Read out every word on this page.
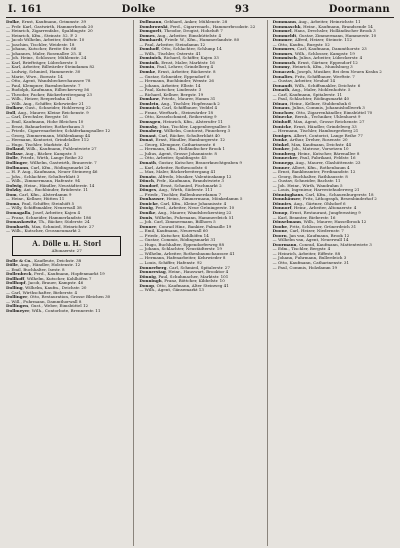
I. 161	Dolke	93	Doormann

Dolke, Ernst, Kaufmann, Grimmstr. 39

— Frdr. Karl, Gastwirth, Hammerbrook 20

— Heinrich, Zigarrenfabr., Spaldingstr. 20

— Heinrich, Kfm., Steinstr. 52. P. 2

— Jacob Wilhelm, Arbeiter, Stiftstr. 10

— Joachim, Tischler, Weidestr. 18

— Johann, Kutscher, Breite Str. 66

— Johannes, Maler, Rosenallee 25. II

— Joh. Heinr., Schlosser, Mühlenstr. 24

— Karl, Briefträger, Lübeckerstr. 5

— Karl, Arbeiter, Billwärder Steindamm 82

— Ludwig, Schmied, Hammerstr. 30

— Marie, Wwe., Bornstr. 14

— Otto, Agent, Wandsbeckerchaussee 78

— Paul, Klempner, Barmbeckerstr. 7

— Rudolph, Kaufmann, Eilbeckerweg 56

— Theodor, Packer, Bäckerbreitergang 23

— Wilh., Heizer, Reeperbahn 41

— Wilh. Aug., Schiffer, Kehrwieder 21

Dolkow, Gust., Schneider, Hohlerweg 22

Doll, Aug., Maurer, Kleine Reichenstr. 9

— Carl, Drechsler, Bergstr. 16

— Emil, Kaufmann, Hohe Bleichen 10

— Ernst, Bahnarbeiter, Rotherbaum 3

— Friedr., Cigarrenarbeiter, Schäferkampsallee 12

— Georg, Zimmermann, Mühlenkamp 44

— Hermann, Kontorist, Grindelallee 112

— Hugo, Tischler, Marktstr. 43

Dolland, Wilh., Kaufmann, Fuhlentwiete 27

Dollase, Aug., Bäcker, Kampstr. 5

Dolle, Friedr., Wirth, Lange Reihe 32

Dollinger, Wilhelm, Gastwirth, Brauerstr. 7

Dollmann, Carl, Kfm., Rödingsmarkt 24

— H. F. Aug., Kaufmann, Neuer Steinweg 46

— Johs., Schlachter, Schulterblatt 3

— Wilh., Zimmermann, Hafenstr. 94

Dolwig, Heinr., Händler, Neustädterstr. 14

Dolzky, Ant., Buchbinder, Brüderstr. 11

Dom, Carl, Kfm., Alsterdamm 9

— Heinr., Kellner, Hütten 11

Doma, Paul, Schiffer, Steinhöft 5

— Willy, Schiffsmakler, Neuerwall 38

Domagalla, Josef, Arbeiter, Kajen 4

— Franz, Schneider, Hammerlandstr. 186

Domaskowitz, Th., Bäcker, Süderstr. 24

Dombarth, Max, Schmied, Heinrichstr. 27

— Wilh., Kutscher, Grossneumarkt 2

A. Dölle u. H. Storl
Altonaerstr. 27

Dolle & Co., Kaufleute, Deichstr. 38

Dölle, Aug., Händler, Holstenstr. 12

— Emil, Buchhalter, Isestr. 8

Dollenbeck, Ferd., Kaufmann, Hopfenmarkt 19

Dollhoff, Wilhelm, Kutscher, Kohlhöfen 7

Dollhopf, Jacob, Brauer, Kampstr. 46

Dolling, Wilhelm, Kaufm., Deichstr. 20

— Carl, Wirthschafter, Bieberstr. 4

Dollinger, Otto, Restauration, Grosse Bleichen 30

— Will., Fuhrmann, Dammthorwall 8

Dollingen, Gust., Weber, Eimsbüttel 12

Dollmeyer, Wilh., Contorbote, Brennerstr. 11

Dollmann, Gebhard, Anker, Mühlenstr. 28

Dombrowski, Ferd., Cigarrenarb., Hammerbrookstr. 22

Domgoelt, Theodor, Drogist, Hoheluft 7

Domes, Aug., Arbeiter, Eimsbüttelstr. 4

Domhardt, Friedr. W., Kfm., Hammerlandstr. 80

— Paul, Arbeiter, Steindamm 12

Domhoff, Otto, Schlachter, Schlump 14

— Wilh., Tischler, Osterstr. 41

Dominick, Richard, Schiffer, Kajen 33

Dominik, Ernst, Maler, Marktstr. 16

Domin, Paul, Lehrer, Grindelberg 4

Domke, Ernst, Arbeiter, Bäckerstr. 8

— Gustav, Schneider, Eppendorf 6

— Hermann, Buchbinder, Wexstr. 26

— Johann, Arbeiter, Elbstr. 14

— Paul, Kutscher, Lindenstr. 3

— Richard, Kellner, Bergstr. 19

Domkow, Friedr., Maurer, Hamm 31

Domlein, Aug., Tischler, Hopfensack 2

Domnick, Carl, Schiffbauer, Veddel 4

— Franz, Werftarb., Steinwärder 18

— Otto, Kesselschmied, Reiherstieg 9

Domsgen, Heinrich, Kfm., Alsterufer 11

Domsky, Max, Tischler, Lappenbergsallee 5

Donaberg, Wilhelm, Contorist, Pinneberg 3

Donant, Carl, Bäcker, Schulterblatt 40

Donat, Ernst, Händler, Hamburgerstr. 12

— Georg, Klempner, Catharinenstr. 6

— Hermann, Kfm., Holländischer Brook 1

— Julius, Agent, Grosse Johannisstr. 8

— Otto, Arbeiter, Spaldingstr. 45

Donath, Gustav, Kutscher, Brauerknechtgraben 9

— Karl, Arbeiter, Rothesoodstr. 6

— Max, Maler, Bäckerbreitergang 41

Donato, Alfredo, Musiker, Valentinskamp 12

Dönch, Frdr., Kaufmann, Brandstwiete 3

Dondorf, Ernst, Schmied, Fischmarkt 2

Dönges, Aug., Wirth, Süderstr. 111

— Friedr., Tischler, Bullenhuserdamm 7

Donhauser, Heinr., Zimmermann, Mönkedamm 5

Donicke, Carl, Kfm., Kleine Johannisstr. 4

Donig, Ferd., Arbeiter, Neue Gröningerstr. 10

Donike, Aug., Maurer, Wandsbeckerstieg 22

Donis, Wilhelm, Fuhrmann, Hammerdeich 51

— Joh. Carl, Zimmermann, Billhorn 5

Donner, Conrad Hinr., Bankier, Palmaille 19

— Emil, Kaufmann, Neuerwall 60

— Friedr., Kutscher, Kohlhöfen 14

— Gustav, Commis, Rödingsmarkt 31

— Hugo, Buchhalter, Eppendorferweg 88

— Johann, Schlachter, Neustädterstr. 19

— Wilhelm, Arbeiter, Rothenbaumchaussee 41

— Hermann, Hafenarbeiter, Kehrwieder 8

— Louis, Schiffer, Hafenstr. 92

Donnerberg, Carl, Schmied, Spitalerstr. 27

Donnerstag, Heinr., Hauswart, Brooktor 4

Dönnig, Paul, Schuhmacher, Marktstr. 101

Donningh, Franz, Böttcher, Kibbelstr. 10

Donop, Otto, Kaufmann, Alter Steinweg 41

— Wilh., Agent, Gänsemarkt 13

Dommann, Aug., Arbeiter, Heinrichstr. 11

Dommaschk, Heinr., Kaufmann, Brandsende 14

Dommel, Hans, Drechsler, Holländischer Brook 3

Dommeldt, Gustav, Zimmermann, Hammerstr. 10

Dommer, Alfred, Heizer, Steinstr. 112

— Otto, Kaufm., Burgstr. 52

Dommers, Carl, Kaufmann, Dammthorstr. 23

Dommes, Wilh., Schlosser, Kampstr. 19

Dommisch, Julius, Arbeiter, Lübeckerstr. 4

Dommsch, Ernst, Gärtner, Eppendorf 12

Dommy, Heinrich, Kfm., Mundsburg 3

Donaczek, Joseph, Musiker, Bei dem Neuen Krahn 2

Donalies, Fritz, Schiffbauer, Werftstr. 7

— Gustav, Arbeiter, Neuhof 14

Donandt, Wilh., Schiffsmakler, Deichstr. 6

Donath, Aug., Maler, Mohlenhofstr. 5

— Carl, Kaufmann, Spitalerstr. 11

— Paul, Schlachter, Rödingsmarkt 40

Dönau, Heinr., Kellner, Stubbenhuk 6

Donaus, Julius, Commis, Johannisbollwerk 3

Donchow, Otto, Zigarrenhändler, Eimsbüttel 70

Dönecke, Bernh., Techniker, Uhlenhorst 9

Dönhoff, Max, Agent, Grosse Reichenstr. 27

Donicke, Ernst, Händler, Grindelweg 33

— Hermann, Tischler, Hamburgerberg 21

Doniges, Albert, Contorist, Lange Reihe 77

Donke, Arthur, Dreher, Rosenstr. 20

Dönkel, Max, Kaufmann, Deichstr. 44

Donker, Joh., Matrose, Vorsetzen 10

Donnberg, Heinr., Kutscher, Bärenallee 8

Donnecker, Paul, Fabrikant, Feldstr. 16

Donnepp, Aug., Maurer, Glashüttenstr. 23

Donner, Albert, Kfm., Rothenbaum 4

— Ernst, Bankbeamter, Ferdinandstr. 12

— Georg, Buchhalter, Rathhausstr. 8

— Gustav, Schneider, Bachstr. 11

— Joh. Heinr., Wirth, Wandrahm 5

— Louis, Ingenieur, Harvestehuderweg 21

Dönninghaus, Carl, Kfm., Schauenburgerstr. 18

Donnhäuser, Fritz, Lithograph, Besenbinderhof 2

Dönnies, Aug., Gärtner, Ohlsdorf 6

Donnorf, Heinr., Arbeiter, Altonaerstr. 4

Donop, Ernst, Restaurant, Jungfernstieg 9

— Karl, Beamter, Bieberstr. 16

Dönselmann, Wilh., Maurer, Hasselbrook 12

Doobe, Fritz, Schlosser, Grünerdeich 31

Doone, Carl, Heizer, Niedernstr. 7

Doorn, Jan van, Kaufmann, Brook 12

— Wilhelm van, Agent, Neuerwall 14

Doormann, Conrad, Kaufmann, Mattentwiete 3

— Edm., Tischler, Bergstr. 4

— Heinrich, Arbeiter, Eiffestr. 88

— Johann, Fuhrmann, Bullerdeich 3

— Otto, Kaufmann, Catharinenstr. 31

— Paul, Commis, Holzdamm 19
